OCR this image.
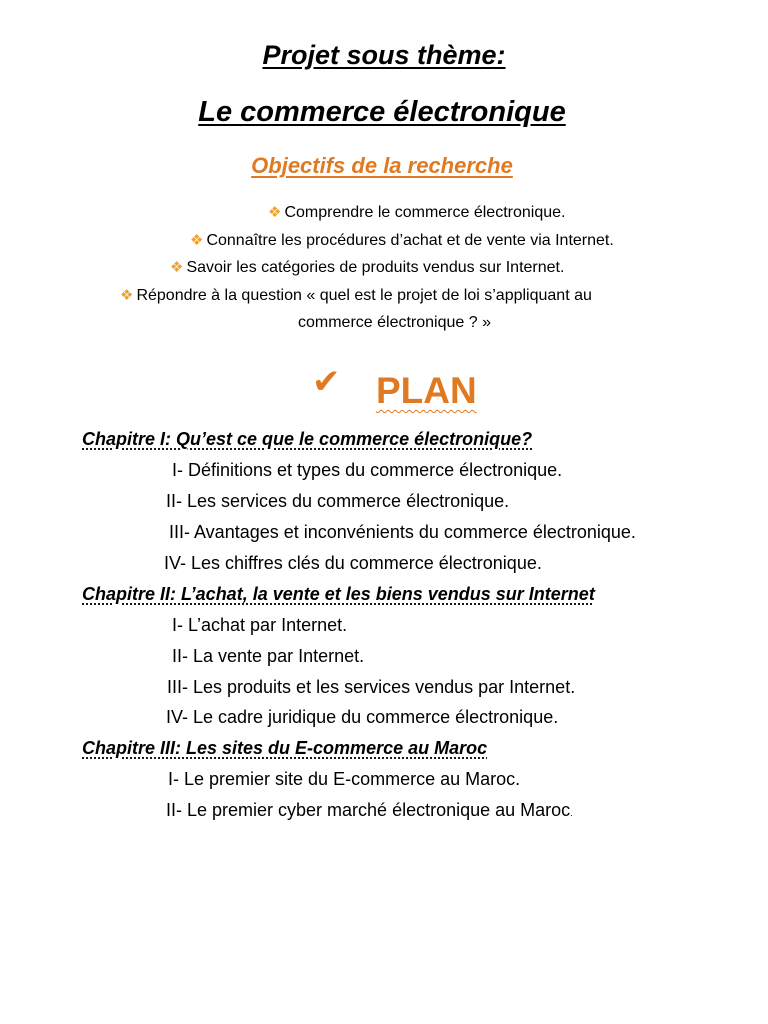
Projet sous thème:
Le commerce électronique
Objectifs de la recherche
❖ Comprendre le commerce électronique.
❖ Connaître les procédures d’achat et de vente via Internet.
❖ Savoir les catégories de produits vendus sur Internet.
❖ Répondre à la question « quel est le projet de loi s’appliquant au
commerce électronique ? »
✔ PLAN
Chapitre I: Qu’est ce que le commerce électronique?
I- Définitions et types du commerce électronique.
II- Les services du commerce électronique.
III- Avantages et inconvénients du commerce électronique.
IV- Les chiffres clés du commerce électronique.
Chapitre II: L’achat, la vente et les biens vendus sur Internet
I- L’achat par Internet.
II- La vente par Internet.
III- Les produits et les services vendus par Internet.
IV- Le cadre juridique du commerce électronique.
Chapitre III: Les sites du E-commerce au Maroc
I- Le premier site du E-commerce au Maroc.
II- Le premier cyber marché électronique au Maroc.
